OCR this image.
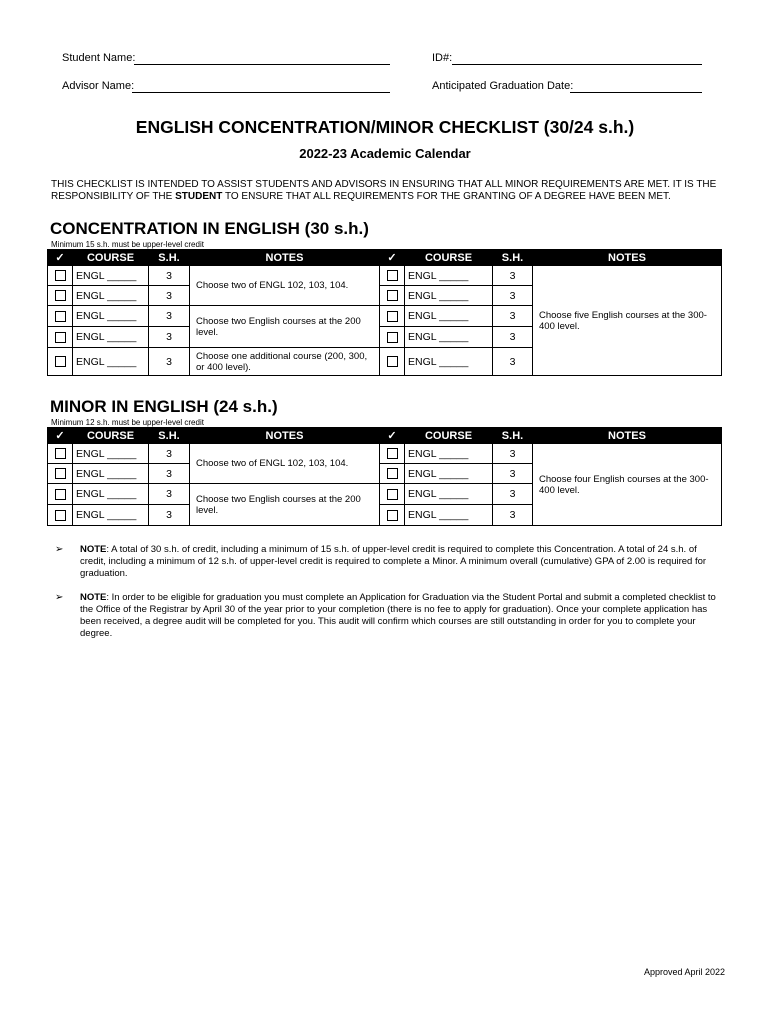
Student Name:	ID#:
Advisor Name:	Anticipated Graduation Date:
ENGLISH CONCENTRATION/MINOR CHECKLIST (30/24 s.h.)
2022-23 Academic Calendar
THIS CHECKLIST IS INTENDED TO ASSIST STUDENTS AND ADVISORS IN ENSURING THAT ALL MINOR REQUIREMENTS ARE MET. IT IS THE RESPONSIBILITY OF THE STUDENT TO ENSURE THAT ALL REQUIREMENTS FOR THE GRANTING OF A DEGREE HAVE BEEN MET.
CONCENTRATION IN ENGLISH (30 s.h.)
Minimum 15 s.h. must be upper-level credit
✓	COURSE	S.H.	NOTES	✓	COURSE	S.H.	NOTES

	ENGL _____	3	Choose two of ENGL 102, 103, 104.		ENGL _____	3	Choose five English courses at the 300-400 level.

	ENGL _____	3			ENGL _____	3	

	ENGL _____	3	Choose two English courses at the 200 level.		ENGL _____	3	

	ENGL _____	3			ENGL _____	3	

	ENGL _____	3	Choose one additional course (200, 300, or 400 level).		ENGL _____	3	
MINOR IN ENGLISH (24 s.h.)
Minimum 12 s.h. must be upper-level credit
✓	COURSE	S.H.	NOTES	✓	COURSE	S.H.	NOTES

	ENGL _____	3	Choose two of ENGL 102, 103, 104.		ENGL _____	3	Choose four English courses at the 300-400 level.

	ENGL _____	3			ENGL _____	3	

	ENGL _____	3	Choose two English courses at the 200 level.		ENGL _____	3	

	ENGL _____	3			ENGL _____	3	
➢ NOTE: A total of 30 s.h. of credit, including a minimum of 15 s.h. of upper-level credit is required to complete this Concentration. A total of 24 s.h. of credit, including a minimum of 12 s.h. of upper-level credit is required to complete a Minor. A minimum overall (cumulative) GPA of 2.00 is required for graduation.
➢ NOTE: In order to be eligible for graduation you must complete an Application for Graduation via the Student Portal and submit a completed checklist to the Office of the Registrar by April 30 of the year prior to your completion (there is no fee to apply for graduation). Once your complete application has been received, a degree audit will be completed for you. This audit will confirm which courses are still outstanding in order for you to complete your degree.
Approved April 2022
